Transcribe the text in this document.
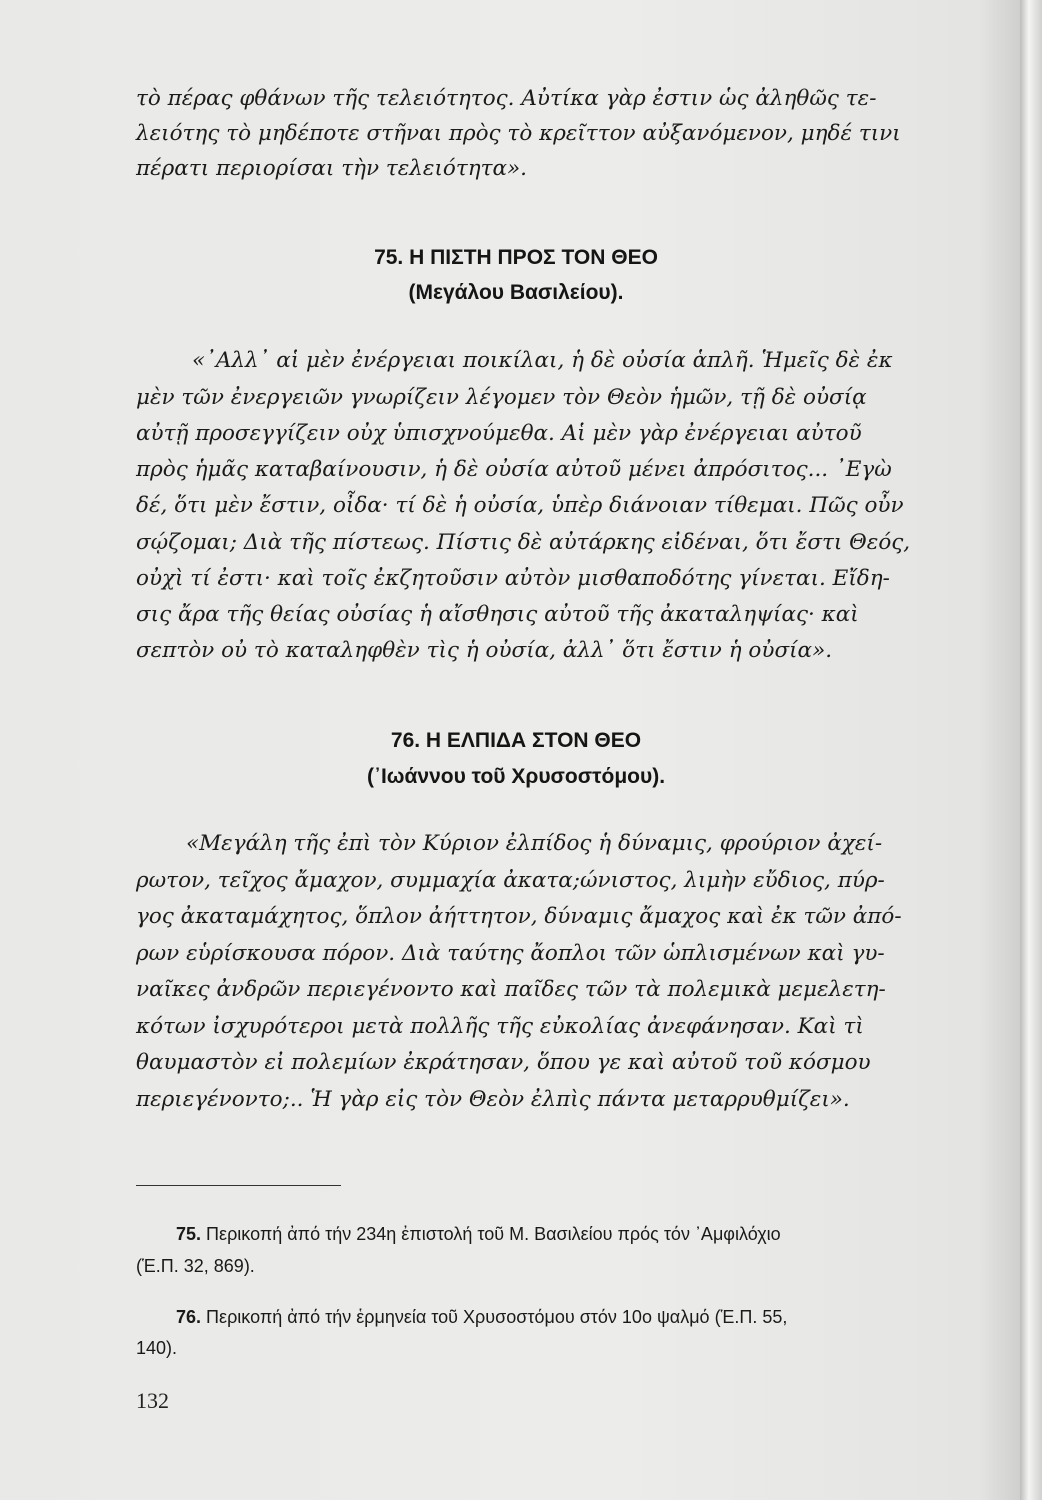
τὸ πέρας φθάνων τῆς τελειότητος. Αὐτίκα γὰρ ἐστιν ὡς ἀληθῶς τε-
λειότης τὸ μηδέποτε στῆναι πρὸς τὸ κρεῖττον αὐξανόμενον, μηδέ τινι
πέρατι περιορίσαι τὴν τελειότητα».
75. Η ΠΙΣΤΗ ΠΡΟΣ ΤΟΝ ΘΕΟ
(Μεγάλου Βασιλείου).
«᾿Αλλ᾿ αἱ μὲν ἐνέργειαι ποικίλαι, ἡ δὲ οὐσία ἁπλῆ. Ἡμεῖς δὲ ἐκ
μὲν τῶν ἐνεργειῶν γνωρίζειν λέγομεν τὸν Θεὸν ἡμῶν, τῇ δὲ οὐσίᾳ
αὐτῇ προσεγγίζειν οὐχ ὑπισχνούμεθα. Αἱ μὲν γὰρ ἐνέργειαι αὐτοῦ
πρὸς ἡμᾶς καταβαίνουσιν, ἡ δὲ οὐσία αὐτοῦ μένει ἀπρόσιτος... ᾿Εγὼ
δέ, ὅτι μὲν ἔστιν, οἶδα· τί δὲ ἡ οὐσία, ὑπὲρ διάνοιαν τίθεμαι. Πῶς οὖν
σῴζομαι; Διὰ τῆς πίστεως. Πίστις δὲ αὐτάρκης εἰδέναι, ὅτι ἔστι Θεός,
οὐχὶ τί ἐστι· καὶ τοῖς ἐκζητοῦσιν αὐτὸν μισθαποδότης γίνεται. Εἴδη-
σις ἄρα τῆς θείας οὐσίας ἡ αἴσθησις αὐτοῦ τῆς ἀκαταληψίας· καὶ
σεπτὸν οὐ τὸ καταληφθὲν τὶς ἡ οὐσία, ἀλλ᾿ ὅτι ἔστιν ἡ οὐσία».
76. Η ΕΛΠΙΔΑ ΣΤΟΝ ΘΕΟ
(᾿Ιωάννου τοῦ Χρυσοστόμου).
«Μεγάλη τῆς ἐπὶ τὸν Κύριον ἐλπίδος ἡ δύναμις, φρούριον ἀχεί-
ρωτον, τεῖχος ἄμαχον, συμμαχία ἀκατα;ώνιστος, λιμὴν εὔδιος, πύρ-
γος ἀκαταμάχητος, ὅπλον ἀήττητον, δύναμις ἄμαχος καὶ ἐκ τῶν ἀπό-
ρων εὑρίσκουσα πόρον. Διὰ ταύτης ἄοπλοι τῶν ὡπλισμένων καὶ γυ-
ναῖκες ἀνδρῶν περιεγένοντο καὶ παῖδες τῶν τὰ πολεμικὰ μεμελετη-
κότων ἰσχυρότεροι μετὰ πολλῆς τῆς εὐκολίας ἀνεφάνησαν. Καὶ τὶ
θαυμαστὸν εἰ πολεμίων ἐκράτησαν, ὅπου γε καὶ αὐτοῦ τοῦ κόσμου
περιεγένοντο;.. Ἡ γὰρ εἰς τὸν Θεὸν ἐλπὶς πάντα μεταρρυθμίζει».
75. Περικοπή ἀπό τήν 234η ἐπιστολή τοῦ Μ. Βασιλείου πρός τόν ᾿Αμφιλόχιο
(Ἑ.Π. 32, 869).
76. Περικοπή ἀπό τήν ἑρμηνεία τοῦ Χρυσοστόμου στόν 10ο ψαλμό (Ἑ.Π. 55,
140).
132
